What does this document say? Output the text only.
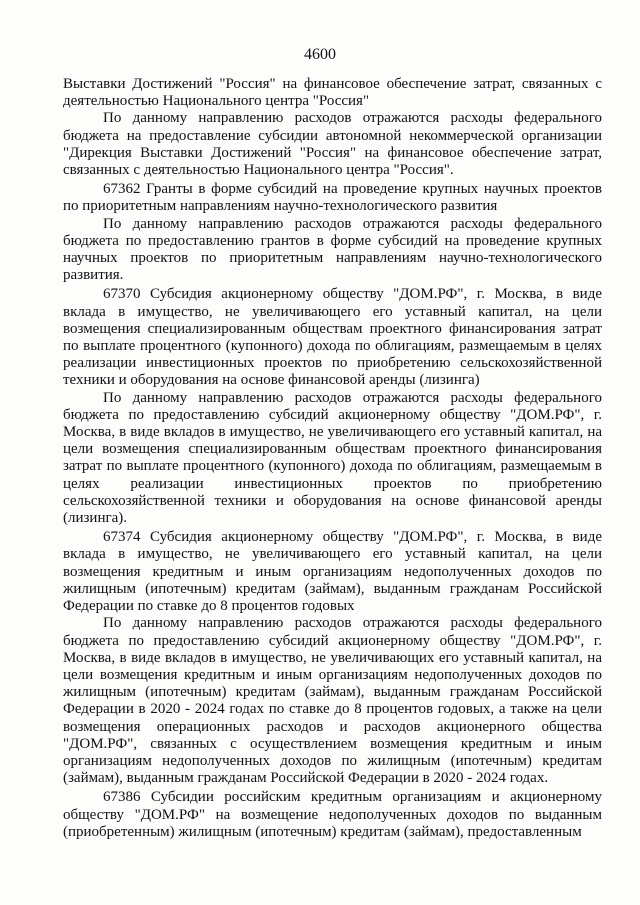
4600

Выставки Достижений "Россия" на финансовое обеспечение затрат, связанных с деятельностью Национального центра "Россия"

По данному направлению расходов отражаются расходы федерального бюджета на предоставление субсидии автономной некоммерческой организации "Дирекция Выставки Достижений "Россия" на финансовое обеспечение затрат, связанных с деятельностью Национального центра "Россия".

67362 Гранты в форме субсидий на проведение крупных научных проектов по приоритетным направлениям научно-технологического развития

По данному направлению расходов отражаются расходы федерального бюджета по предоставлению грантов в форме субсидий на проведение крупных научных проектов по приоритетным направлениям научно-технологического развития.

67370 Субсидия акционерному обществу "ДОМ.РФ", г. Москва, в виде вклада в имущество, не увеличивающего его уставный капитал, на цели возмещения специализированным обществам проектного финансирования затрат по выплате процентного (купонного) дохода по облигациям, размещаемым в целях реализации инвестиционных проектов по приобретению сельскохозяйственной техники и оборудования на основе финансовой аренды (лизинга)

По данному направлению расходов отражаются расходы федерального бюджета по предоставлению субсидий акционерному обществу "ДОМ.РФ", г. Москва, в виде вкладов в имущество, не увеличивающего его уставный капитал, на цели возмещения специализированным обществам проектного финансирования затрат по выплате процентного (купонного) дохода по облигациям, размещаемым в целях реализации инвестиционных проектов по приобретению сельскохозяйственной техники и оборудования на основе финансовой аренды (лизинга).

67374 Субсидия акционерному обществу "ДОМ.РФ", г. Москва, в виде вклада в имущество, не увеличивающего его уставный капитал, на цели возмещения кредитным и иным организациям недополученных доходов по жилищным (ипотечным) кредитам (займам), выданным гражданам Российской Федерации по ставке до 8 процентов годовых

По данному направлению расходов отражаются расходы федерального бюджета по предоставлению субсидий акционерному обществу "ДОМ.РФ", г. Москва, в виде вкладов в имущество, не увеличивающих его уставный капитал, на цели возмещения кредитным и иным организациям недополученных доходов по жилищным (ипотечным) кредитам (займам), выданным гражданам Российской Федерации в 2020 - 2024 годах по ставке до 8 процентов годовых, а также на цели возмещения операционных расходов и расходов акционерного общества "ДОМ.РФ", связанных с осуществлением возмещения кредитным и иным организациям недополученных доходов по жилищным (ипотечным) кредитам (займам), выданным гражданам Российской Федерации в 2020 - 2024 годах.

67386 Субсидии российским кредитным организациям и акционерному обществу "ДОМ.РФ" на возмещение недополученных доходов по выданным (приобретенным) жилищным (ипотечным) кредитам (займам), предоставленным
